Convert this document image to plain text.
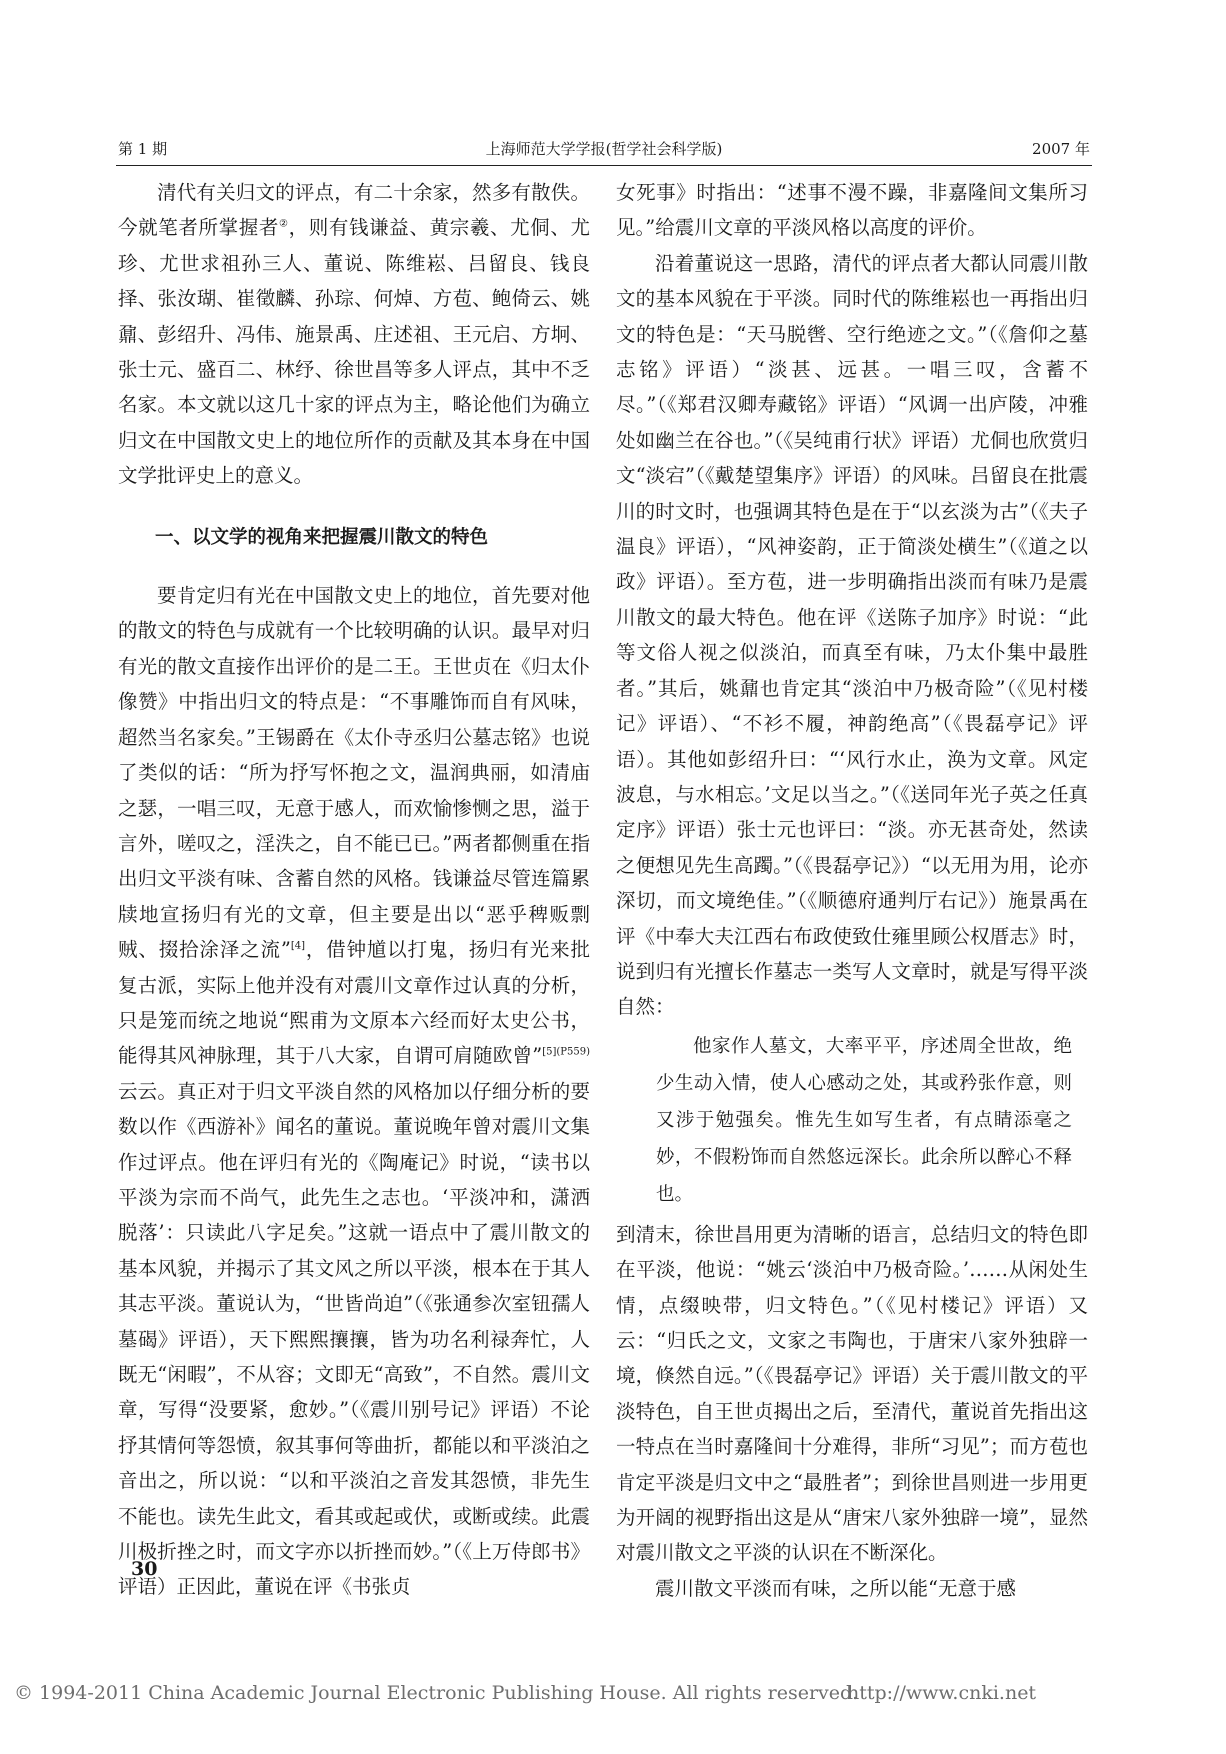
第 1 期	上海师范大学学报(哲学社会科学版)	2007 年

清代有关归文的评点，有二十余家，然多有散佚。今就笔者所掌握者②，则有钱谦益、黄宗羲、尤侗、尤珍、尤世求祖孙三人、董说、陈维崧、吕留良、钱良择、张汝瑚、崔徵麟、孙琮、何焯、方苞、鲍倚云、姚鼐、彭绍升、冯伟、施景禹、庄述祖、王元启、方坰、张士元、盛百二、林纾、徐世昌等多人评点，其中不乏名家。本文就以这几十家的评点为主，略论他们为确立归文在中国散文史上的地位所作的贡献及其本身在中国文学批评史上的意义。

一、以文学的视角来把握震川散文的特色

要肯定归有光在中国散文史上的地位，首先要对他的散文的特色与成就有一个比较明确的认识。最早对归有光的散文直接作出评价的是二王。王世贞在《归太仆像赞》中指出归文的特点是：“不事雕饰而自有风味，超然当名家矣。”王锡爵在《太仆寺丞归公墓志铭》也说了类似的话：“所为抒写怀抱之文，温润典丽，如清庙之瑟，一唱三叹，无意于感人，而欢愉惨恻之思，溢于言外，嗟叹之，淫泆之，自不能已已。”两者都侧重在指出归文平淡有味、含蓄自然的风格。钱谦益尽管连篇累牍地宣扬归有光的文章，但主要是出以“恶乎稗贩剽贼、掇拾涂泽之流”[4]，借钟馗以打鬼，扬归有光来批复古派，实际上他并没有对震川文章作过认真的分析，只是笼而统之地说“熙甫为文原本六经而好太史公书，能得其风神脉理，其于八大家，自谓可肩随欧曾”$^{[5](P559)}$云云。真正对于归文平淡自然的风格加以仔细分析的要数以作《西游补》闻名的董说。董说晚年曾对震川文集作过评点。他在评归有光的《陶庵记》时说，“读书以平淡为宗而不尚气，此先生之志也。‘平淡冲和，潇洒脱落’：只读此八字足矣。”这就一语点中了震川散文的基本风貌，并揭示了其文风之所以平淡，根本在于其人其志平淡。董说认为，“世皆尚迫”（《张通参次室钮孺人墓碣》评语），天下熙熙攘攘，皆为功名利禄奔忙，人既无“闲暇”，不从容；文即无“高致”，不自然。震川文章，写得“没要紧，愈妙。”（《震川别号记》评语）不论抒其情何等怨愤，叙其事何等曲折，都能以和平淡泊之音出之，所以说：“以和平淡泊之音发其怨愤，非先生不能也。读先生此文，看其或起或伏，或断或续。此震川极折挫之时，而文字亦以折挫而妙。”（《上万侍郎书》评语）正因此，董说在评《书张贞

女死事》时指出：“述事不漫不躁，非嘉隆间文集所习见。”给震川文章的平淡风格以高度的评价。

沿着董说这一思路，清代的评点者大都认同震川散文的基本风貌在于平淡。同时代的陈维崧也一再指出归文的特色是：“天马脱辔、空行绝迹之文。”（《詹仰之墓志铭》评语）“淡甚、远甚。一唱三叹，含蓄不尽。”（《郑君汉卿寿藏铭》评语）“风调一出庐陵，冲雅处如幽兰在谷也。”（《吴纯甫行状》评语）尤侗也欣赏归文“淡宕”（《戴楚望集序》评语）的风味。吕留良在批震川的时文时，也强调其特色是在于“以玄淡为古”（《夫子温良》评语），“风神姿韵，正于简淡处横生”（《道之以政》评语）。至方苞，进一步明确指出淡而有味乃是震川散文的最大特色。他在评《送陈子加序》时说：“此等文俗人视之似淡泊，而真至有味，乃太仆集中最胜者。”其后，姚鼐也肯定其“淡泊中乃极奇险”（《见村楼记》评语）、“不衫不履，神韵绝高”（《畏磊亭记》评语）。其他如彭绍升曰：“‘风行水止，涣为文章。风定波息，与水相忘。’文足以当之。”（《送同年光子英之任真定序》评语）张士元也评曰：“淡。亦无甚奇处，然读之便想见先生高躅。”（《畏磊亭记》）“以无用为用，论亦深切，而文境绝佳。”（《顺德府通判厅右记》）施景禹在评《中奉大夫江西右布政使致仕雍里顾公权厝志》时，说到归有光擅长作墓志一类写人文章时，就是写得平淡自然：

他家作人墓文，大率平平，序述周全世故，绝少生动入情，使人心感动之处，其或矜张作意，则又涉于勉强矣。惟先生如写生者，有点睛添毫之妙，不假粉饰而自然悠远深长。此余所以醉心不释也。

到清末，徐世昌用更为清晰的语言，总结归文的特色即在平淡，他说：“姚云‘淡泊中乃极奇险。’……从闲处生情，点缀映带，归文特色。”（《见村楼记》评语）又云：“归氏之文，文家之韦陶也，于唐宋八家外独辟一境，倏然自远。”（《畏磊亭记》评语）关于震川散文的平淡特色，自王世贞揭出之后，至清代，董说首先指出这一特点在当时嘉隆间十分难得，非所“习见”；而方苞也肯定平淡是归文中之“最胜者”；到徐世昌则进一步用更为开阔的视野指出这是从“唐宋八家外独辟一境”，显然对震川散文之平淡的认识在不断深化。

震川散文平淡而有味，之所以能“无意于感

30
© 1994-2011 China Academic Journal Electronic Publishing House. All rights reserved.
http://www.cnki.net
